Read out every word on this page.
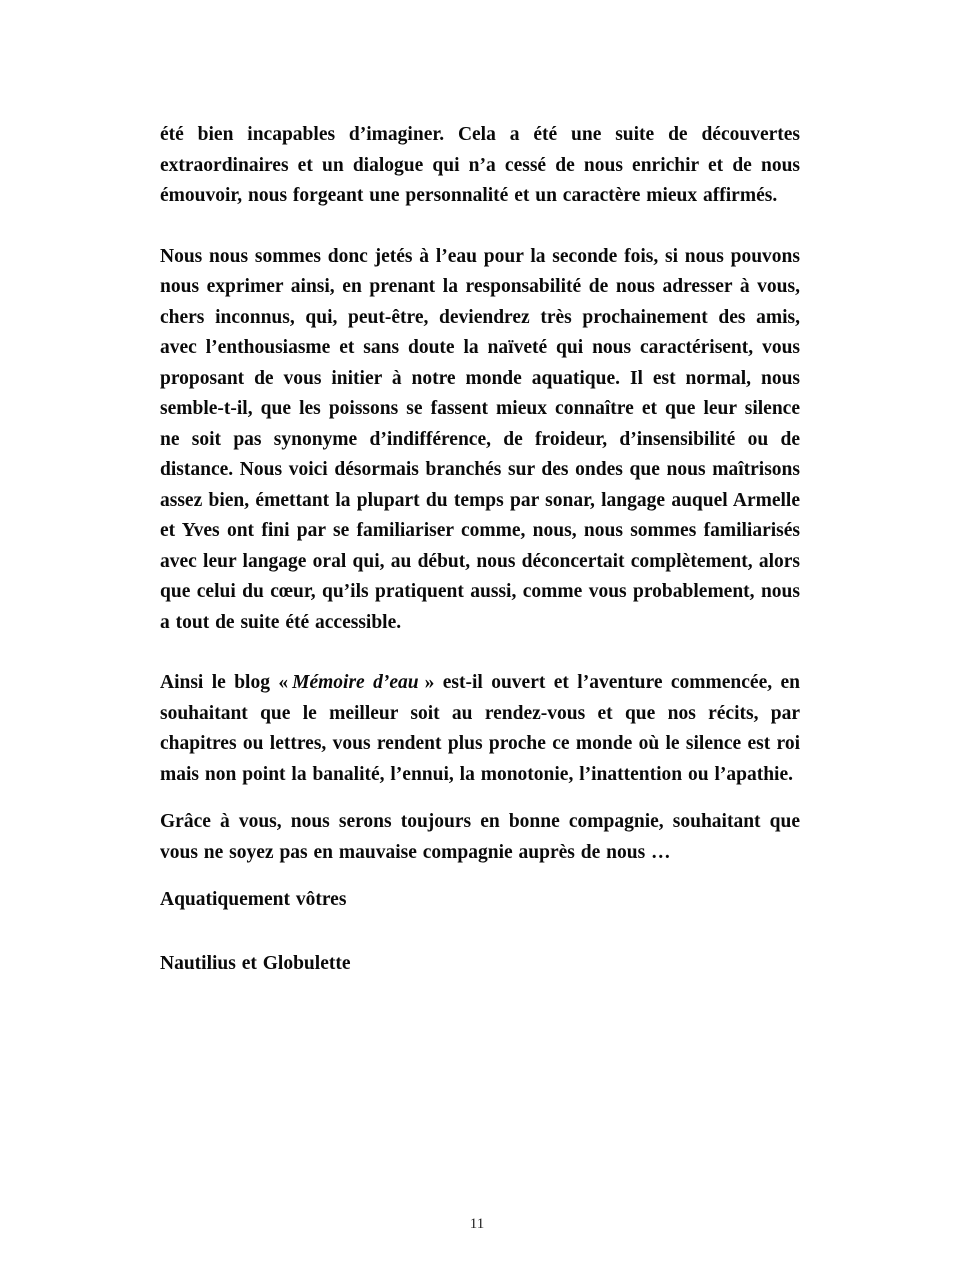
été bien incapables d’imaginer. Cela a été une suite de découvertes extraordinaires et un dialogue qui n’a cessé de nous enrichir et de nous émouvoir, nous forgeant une personnalité et un caractère mieux affirmés.

Nous nous sommes donc jetés à l’eau pour la seconde fois, si nous pouvons nous exprimer ainsi, en prenant la responsabilité de nous adresser à vous, chers inconnus, qui, peut-être, deviendrez très prochainement des amis, avec l’enthousiasme et sans doute la naïveté qui nous caractérisent, vous proposant de vous initier à notre monde aquatique. Il est normal, nous semble-t-il, que les poissons se fassent mieux connaître et que leur silence ne soit pas synonyme d’indifférence, de froideur, d’insensibilité ou de distance. Nous voici désormais branchés sur des ondes que nous maîtrisons assez bien, émettant la plupart du temps par sonar, langage auquel Armelle et Yves ont fini par se familiariser comme, nous, nous sommes familiarisés avec leur langage oral qui, au début, nous déconcertait complètement, alors que celui du cœur, qu’ils pratiquent aussi, comme vous probablement, nous a tout de suite été accessible.

Ainsi le blog « Mémoire d’eau » est-il ouvert et l’aventure commencée, en souhaitant que le meilleur soit au rendez-vous et que nos récits, par chapitres ou lettres, vous rendent plus proche ce monde où le silence est roi mais non point la banalité, l’ennui, la monotonie, l’inattention ou l’apathie.

Grâce à vous, nous serons toujours en bonne compagnie, souhaitant que vous ne soyez pas en mauvaise compagnie auprès de nous …

Aquatiquement vôtres

Nautilius et Globulette

11
